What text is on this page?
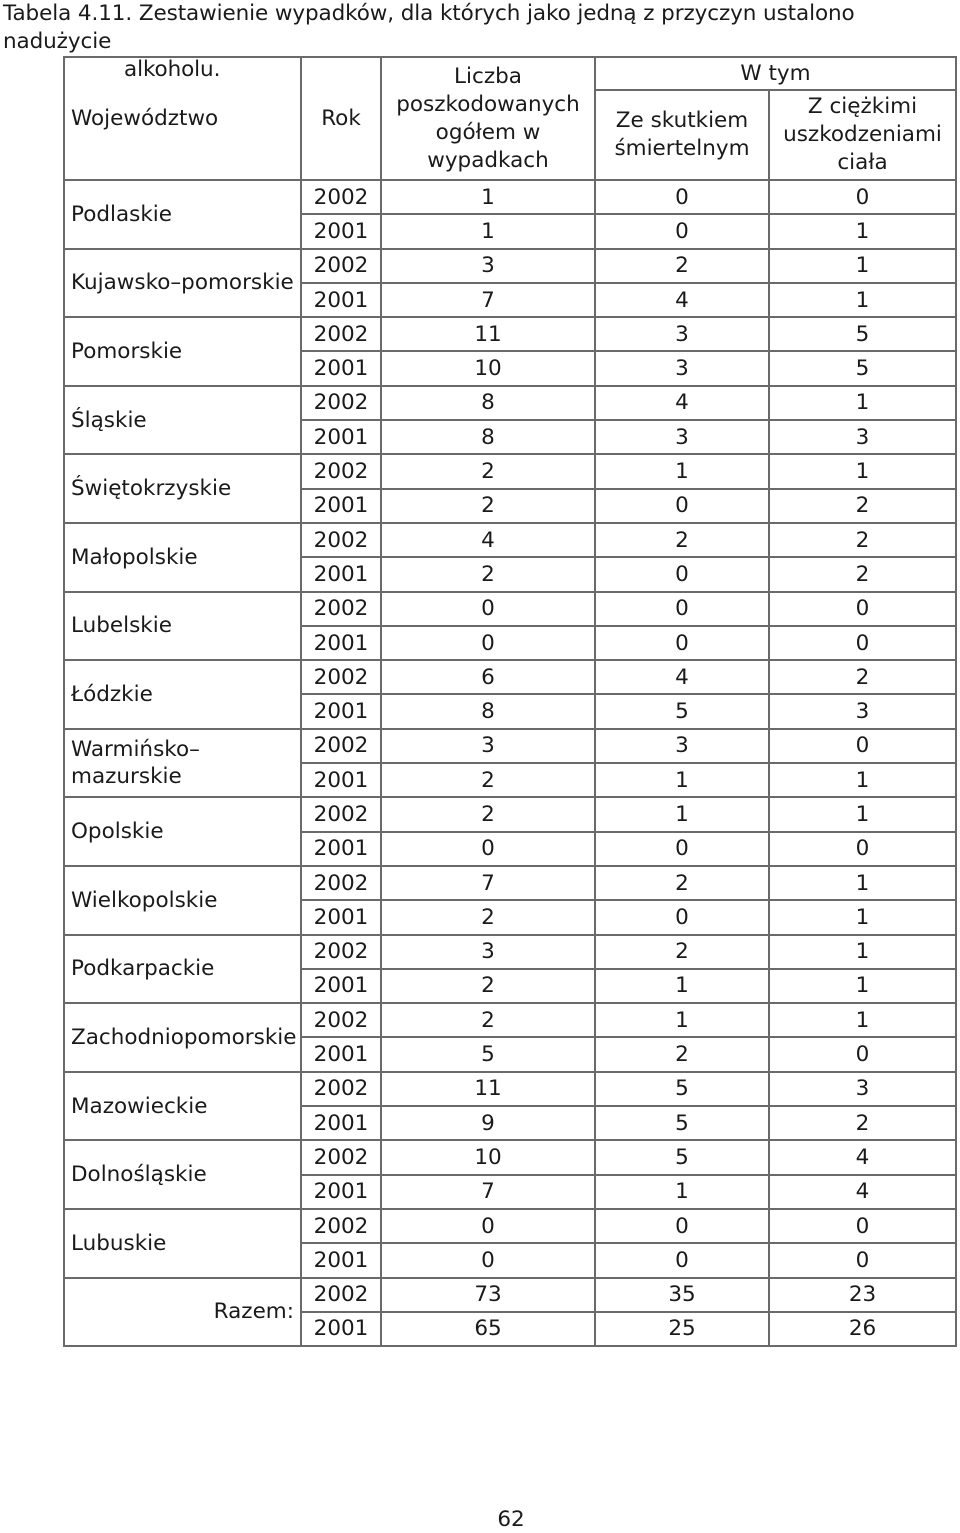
Tabela 4.11. Zestawienie wypadków, dla których jako jedną z przyczyn ustalono nadużycie
alkoholu.
Województwo	Rok	Liczba poszkodowanych ogółem w wypadkach	W tym	
			Ze skutkiem śmiertelnym	Z ciężkimi uszkodzeniami ciała
Podlaskie	2002	1	0	0
	2001	1	0	1
Kujawsko–pomorskie	2002	3	2	1
	2001	7	4	1
Pomorskie	2002	11	3	5
	2001	10	3	5
Śląskie	2002	8	4	1
	2001	8	3	3
Świętokrzyskie	2002	2	1	1
	2001	2	0	2
Małopolskie	2002	4	2	2
	2001	2	0	2
Lubelskie	2002	0	0	0
	2001	0	0	0
Łódzkie	2002	6	4	2
	2001	8	5	3
Warmińsko– mazurskie	2002	3	3	0
	2001	2	1	1
Opolskie	2002	2	1	1
	2001	0	0	0
Wielkopolskie	2002	7	2	1
	2001	2	0	1
Podkarpackie	2002	3	2	1
	2001	2	1	1
Zachodniopomorskie	2002	2	1	1
	2001	5	2	0
Mazowieckie	2002	11	5	3
	2001	9	5	2
Dolnośląskie	2002	10	5	4
	2001	7	1	4
Lubuskie	2002	0	0	0
	2001	0	0	0
Razem:	2002	73	35	23
	2001	65	25	26
62
